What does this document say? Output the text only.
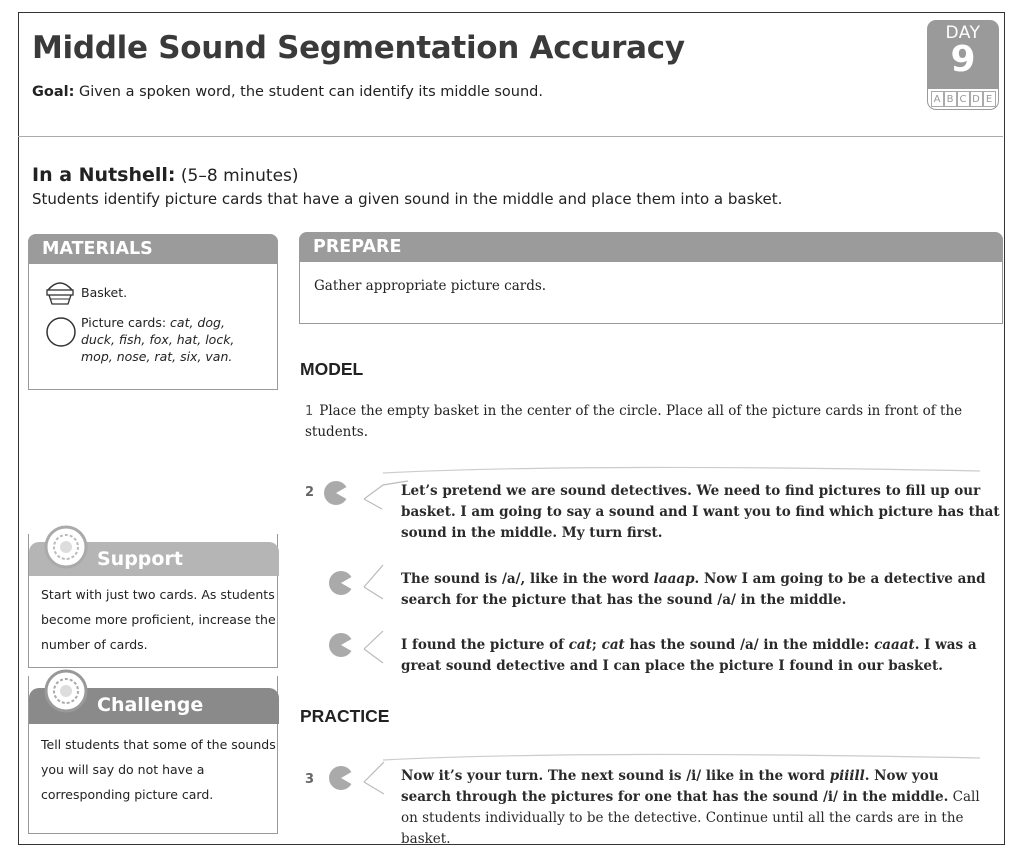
Middle Sound Segmentation Accuracy
Goal: Given a spoken word, the student can identify its middle sound.
DAY
9
A B C D E
In a Nutshell: (5–8 minutes)
Students identify picture cards that have a given sound in the middle and place them into a basket.
MATERIALS
Basket.
Picture cards: cat, dog, duck, fish, fox, hat, lock, mop, nose, rat, six, van.
PREPARE
Gather appropriate picture cards.
MODEL
1 Place the empty basket in the center of the circle. Place all of the picture cards in front of the students.
2	Let’s pretend we are sound detectives. We need to find pictures to fill up our basket. I am going to say a sound and I want you to find which picture has that sound in the middle. My turn first.
The sound is /a/, like in the word laaap. Now I am going to be a detective and search for the picture that has the sound /a/ in the middle.
I found the picture of cat; cat has the sound /a/ in the middle: caaat. I was a great sound detective and I can place the picture I found in our basket.
PRACTICE
3	Now it’s your turn. The next sound is /i/ like in the word piiill. Now you search through the pictures for one that has the sound /i/ in the middle. Call on students individually to be the detective. Continue until all the cards are in the basket.
Support
Start with just two cards. As students become more proficient, increase the number of cards.
Challenge
Tell students that some of the sounds you will say do not have a corresponding picture card.
